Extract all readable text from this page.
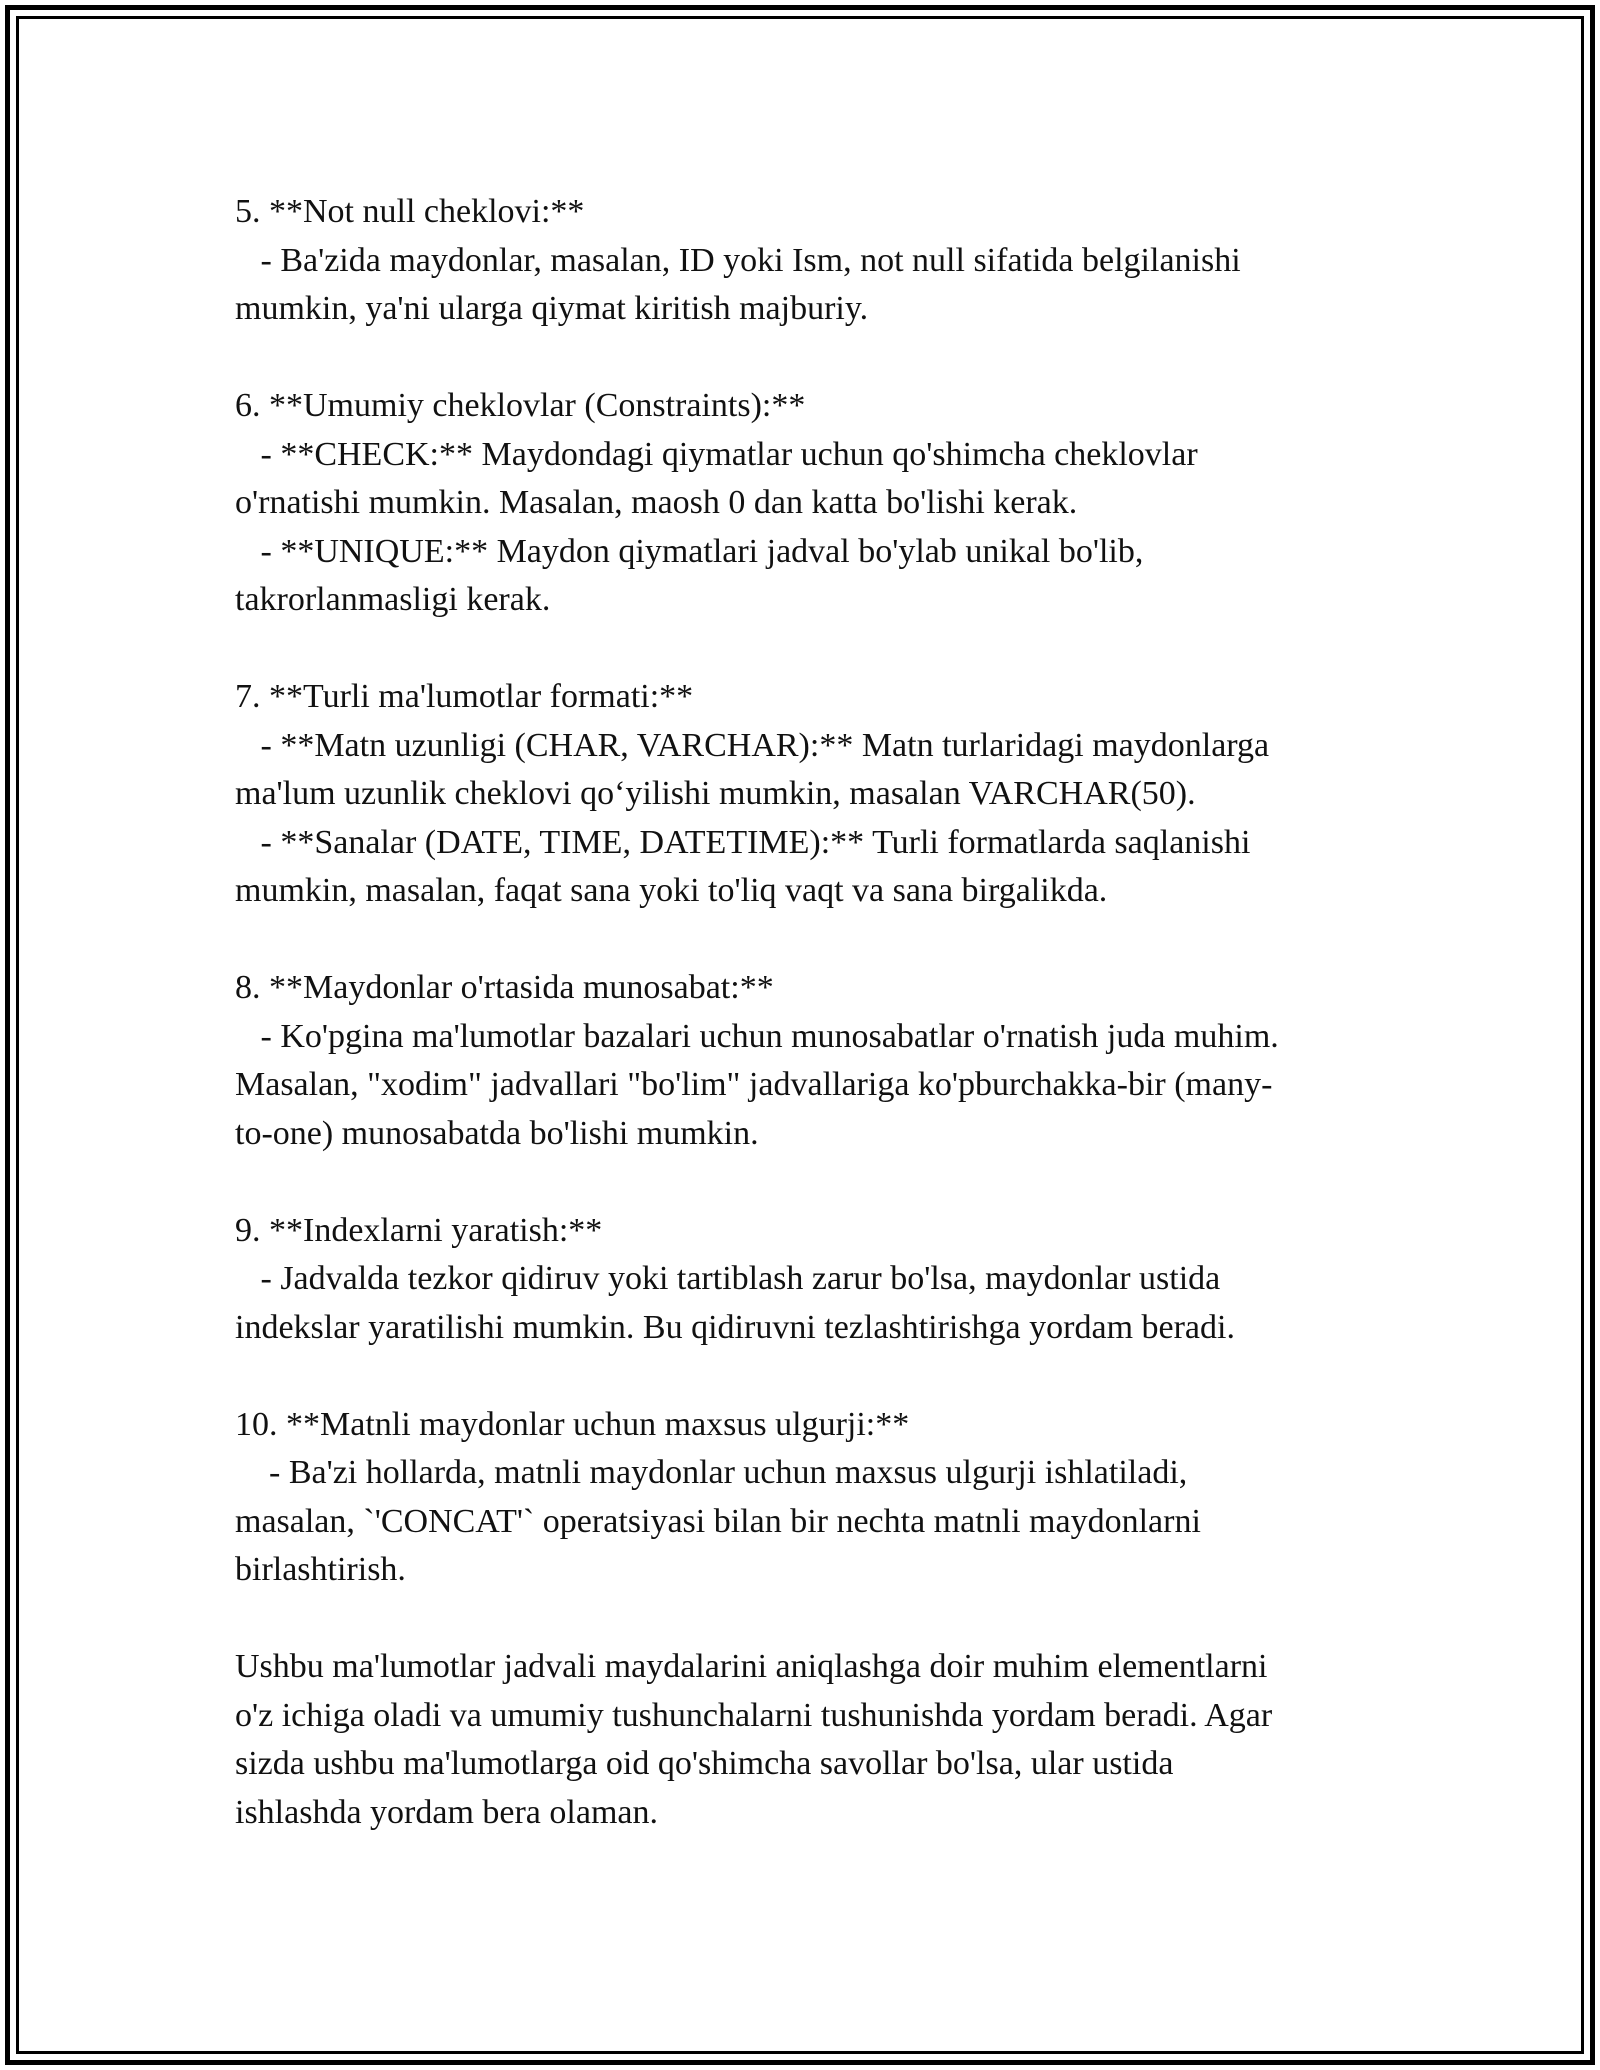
5. **Not null cheklovi:**
- Ba'zida maydonlar, masalan, ID yoki Ism, not null sifatida belgilanishi
mumkin, ya'ni ularga qiymat kiritish majburiy.
6. **Umumiy cheklovlar (Constraints):**
- **CHECK:** Maydondagi qiymatlar uchun qo'shimcha cheklovlar
o'rnatishi mumkin. Masalan, maosh 0 dan katta bo'lishi kerak.
- **UNIQUE:** Maydon qiymatlari jadval bo'ylab unikal bo'lib,
takrorlanmasligi kerak.
7. **Turli ma'lumotlar formati:**
- **Matn uzunligi (CHAR, VARCHAR):** Matn turlaridagi maydonlarga
ma'lum uzunlik cheklovi qo‘yilishi mumkin, masalan VARCHAR(50).
- **Sanalar (DATE, TIME, DATETIME):** Turli formatlarda saqlanishi
mumkin, masalan, faqat sana yoki to'liq vaqt va sana birgalikda.
8. **Maydonlar o'rtasida munosabat:**
- Ko'pgina ma'lumotlar bazalari uchun munosabatlar o'rnatish juda muhim.
Masalan, "xodim" jadvallari "bo'lim" jadvallariga ko'pburchakka-bir (many-
to-one) munosabatda bo'lishi mumkin.
9. **Indexlarni yaratish:**
- Jadvalda tezkor qidiruv yoki tartiblash zarur bo'lsa, maydonlar ustida
indekslar yaratilishi mumkin. Bu qidiruvni tezlashtirishga yordam beradi.
10. **Matnli maydonlar uchun maxsus ulgurji:**
- Ba'zi hollarda, matnli maydonlar uchun maxsus ulgurji ishlatiladi,
masalan, `'CONCAT'` operatsiyasi bilan bir nechta matnli maydonlarni
birlashtirish.
Ushbu ma'lumotlar jadvali maydalarini aniqlashga doir muhim elementlarni
o'z ichiga oladi va umumiy tushunchalarni tushunishda yordam beradi. Agar
sizda ushbu ma'lumotlarga oid qo'shimcha savollar bo'lsa, ular ustida
ishlashda yordam bera olaman.
